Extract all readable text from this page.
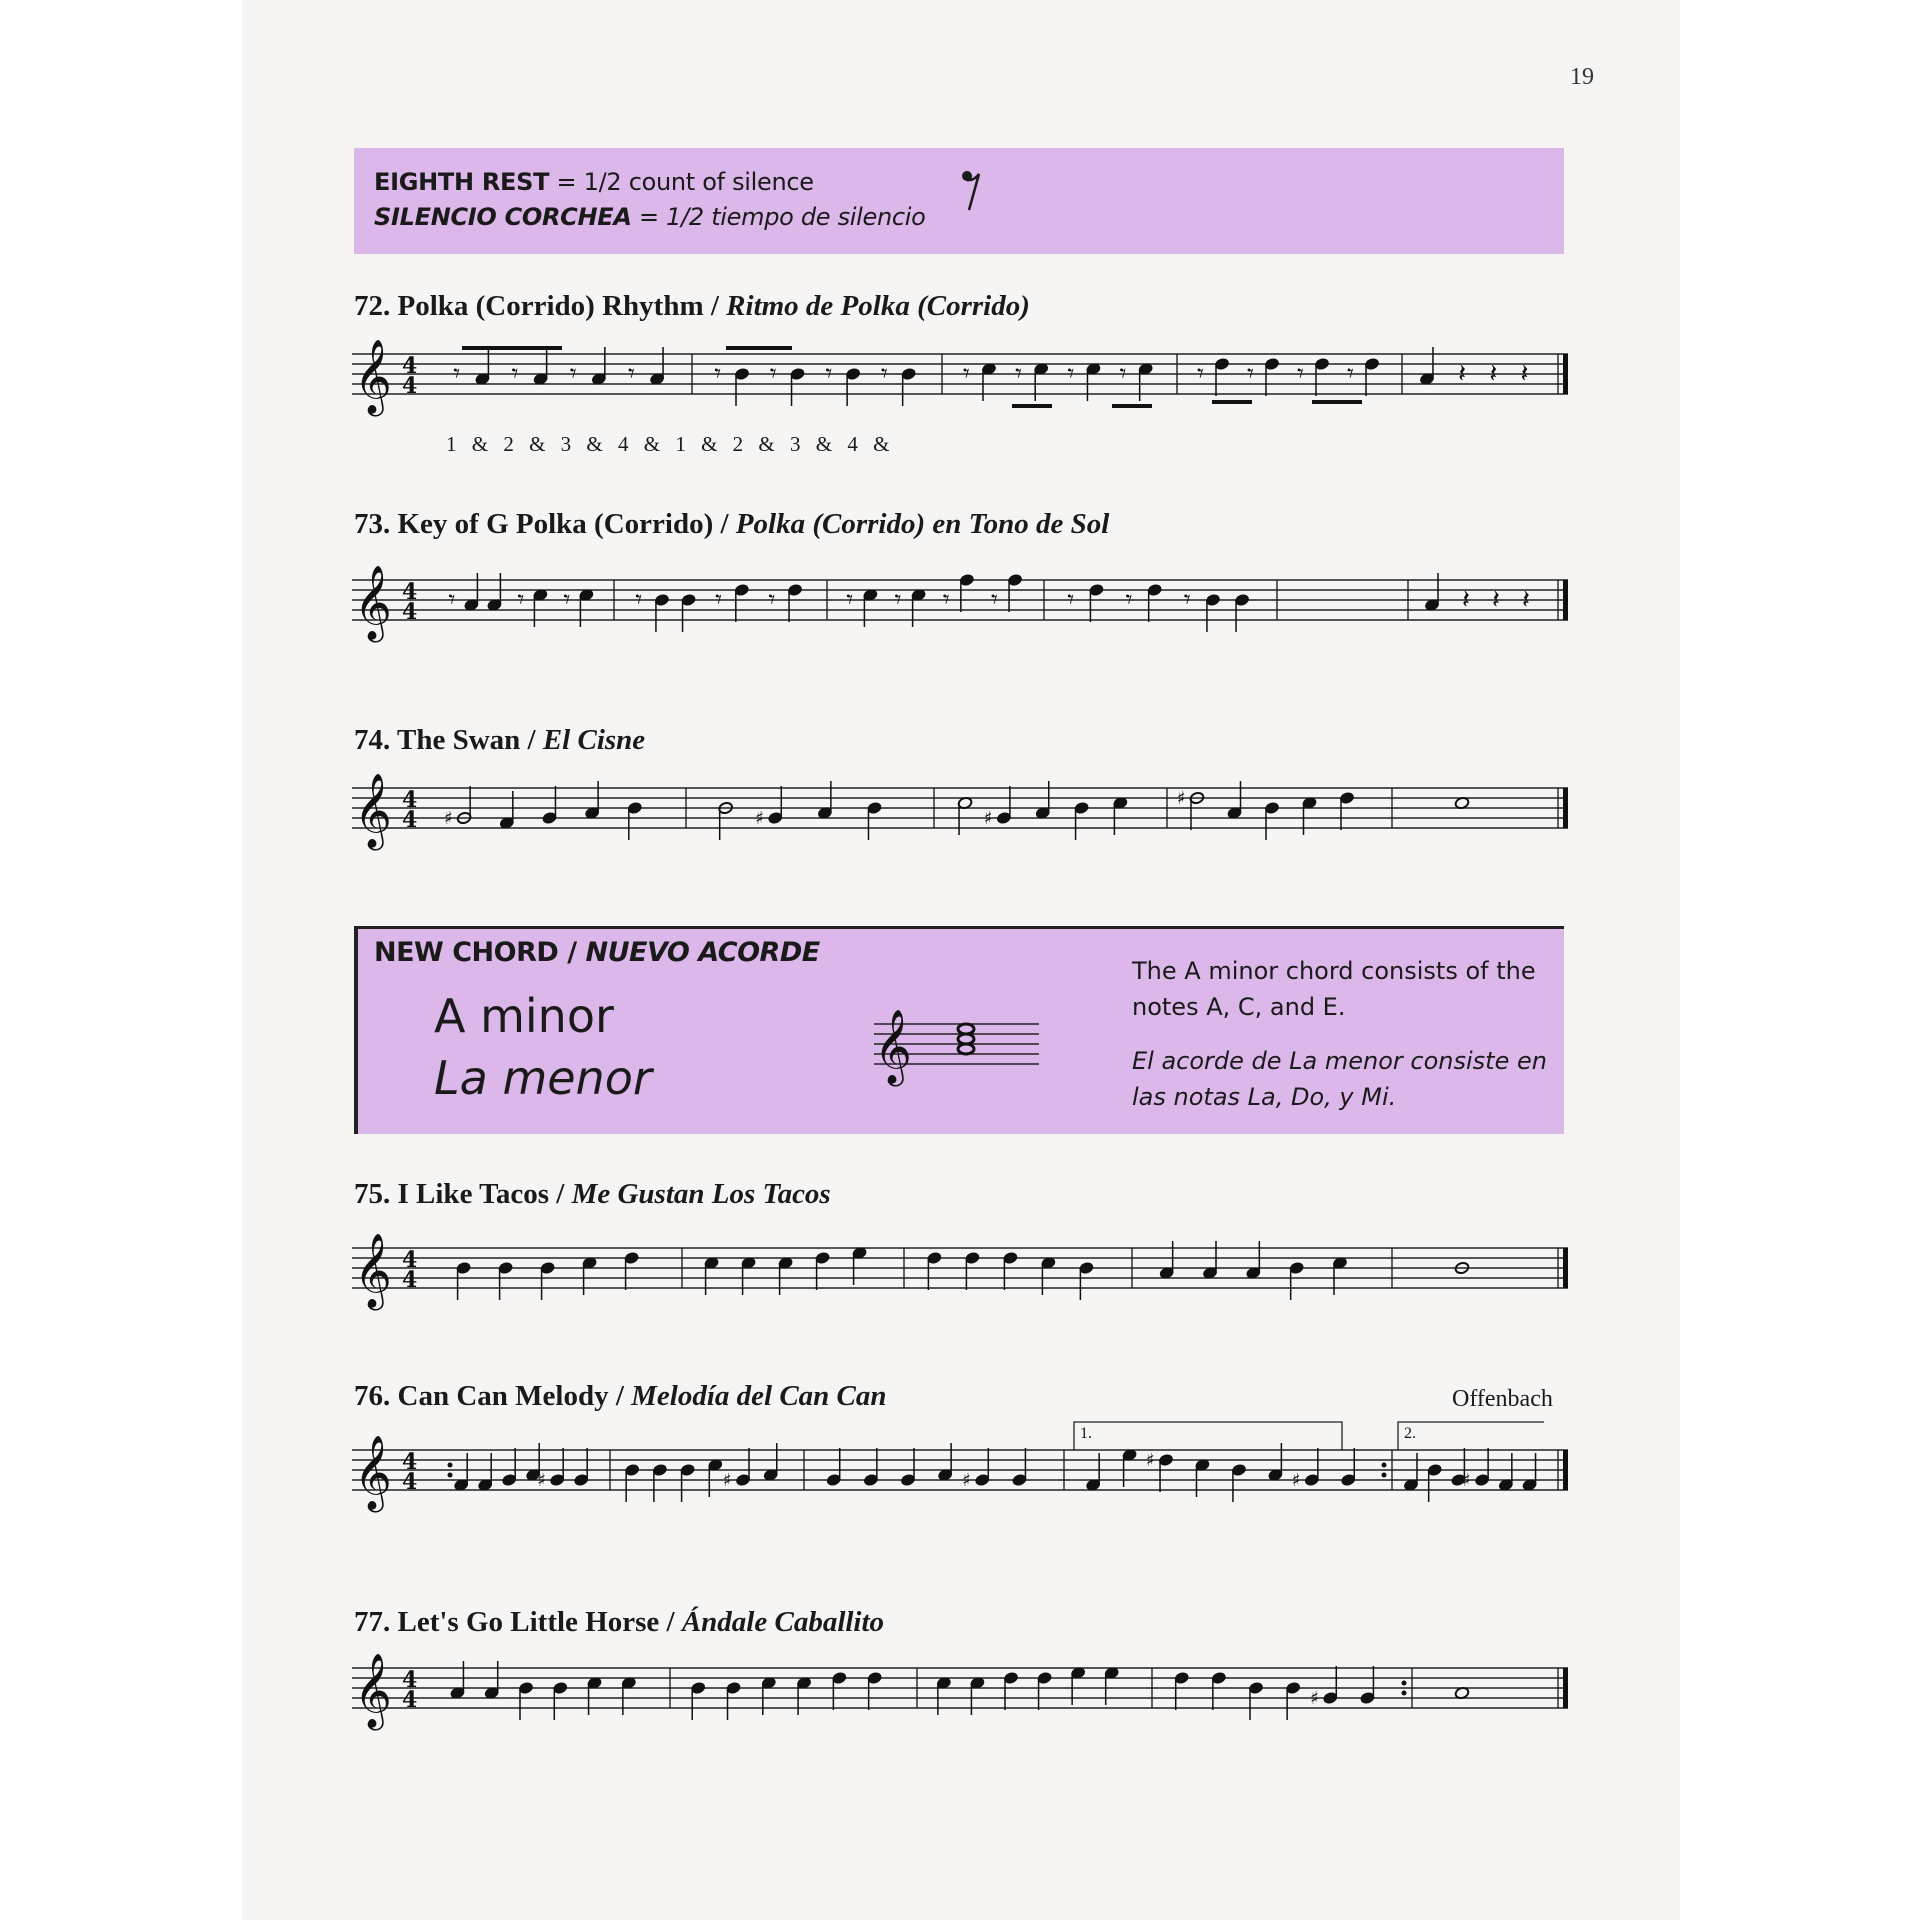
19
EIGHTH REST = 1/2 count of silence
SILENCIO CORCHEA = 1/2 tiempo de silencio
72. Polka (Corrido) Rhythm / Ritmo de Polka (Corrido)
𝄞 4
4 𝄾 𝄾 𝄾 𝄾	𝄾 𝄾 𝄾 𝄾	𝄾 𝄾 𝄾 𝄾	𝄾 𝄾 𝄾 𝄾	𝄽 𝄽 𝄽
1 & 2 & 3 & 4 & 1 & 2 & 3 & 4 &
73. Key of G Polka (Corrido) / Polka (Corrido) en Tono de Sol
𝄞 4
4 𝄾 𝄾 𝄾 𝄾	𝄾 𝄾	𝄾 𝄾 𝄾 𝄾	𝄾 𝄾 𝄾	𝄽 𝄽 𝄽
74. The Swan / El Cisne
𝄞 4
4 ♯	♯	♯
♯
NEW CHORD / NUEVO ACORDE
A minor
La menor	𝄞
The A minor chord consists of the notes A, C, and E.
El acorde de La menor consiste en las notas La, Do, y Mi.
75. I Like Tacos / Me Gustan Los Tacos
𝄞 4
4
76. Can Can Melody / Melodía del Can Can	Offenbach
𝄞 4
4	♯	♯	♯
♯
♯	♯
1.	2.
77. Let's Go Little Horse / Ándale Caballito
𝄞 4
4	♯
